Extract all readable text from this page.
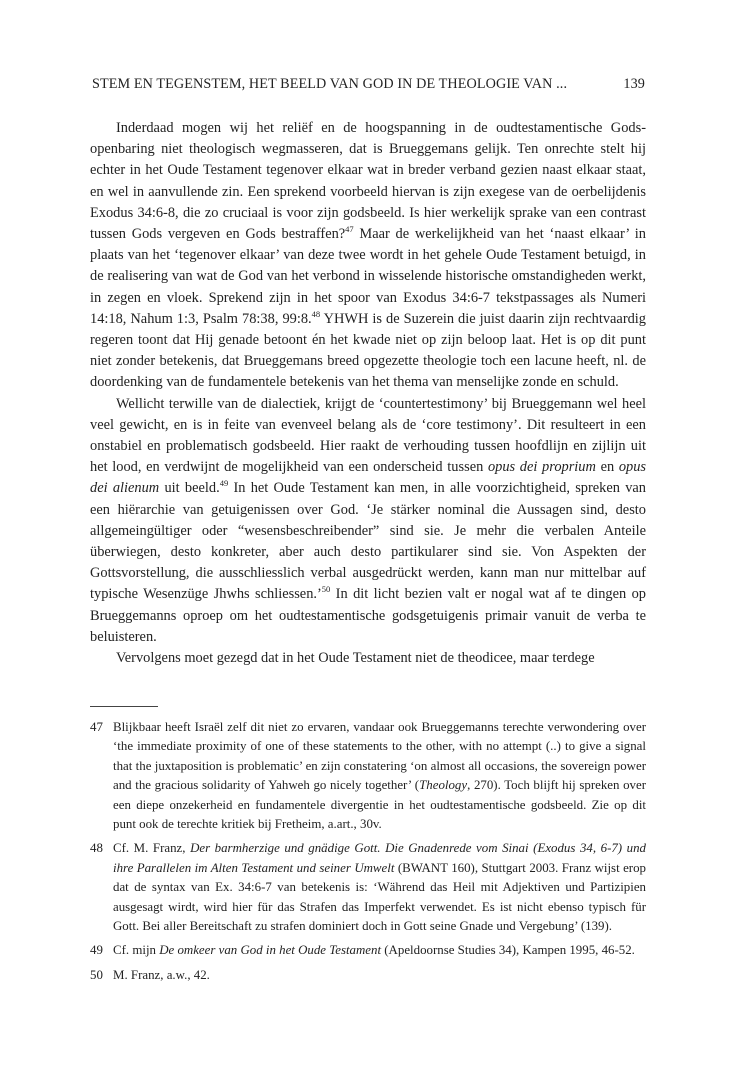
STEM EN TEGENSTEM, HET BEELD VAN GOD IN DE THEOLOGIE VAN ...	139

Inderdaad mogen wij het reliëf en de hoogspanning in de oudtestamentische Godsopenbaring niet theologisch wegmasseren, dat is Brueggemans gelijk. Ten onrechte stelt hij echter in het Oude Testament tegenover elkaar wat in breder verband gezien naast elkaar staat, en wel in aanvullende zin. Een sprekend voorbeeld hiervan is zijn exegese van de oerbelijdenis Exodus 34:6-8, die zo cruciaal is voor zijn godsbeeld. Is hier werkelijk sprake van een contrast tussen Gods vergeven en Gods bestraffen?$^{47}$ Maar de werkelijkheid van het ‘naast elkaar’ in plaats van het ‘tegenover elkaar’ van deze twee wordt in het gehele Oude Testament betuigd, in de realisering van wat de God van het verbond in wisselende historische omstandigheden werkt, in zegen en vloek. Sprekend zijn in het spoor van Exodus 34:6-7 tekstpassages als Numeri 14:18, Nahum 1:3, Psalm 78:38, 99:8.48 YHWH is de Suzerein die juist daarin zijn rechtvaardig regeren toont dat Hij genade betoont én het kwade niet op zijn beloop laat. Het is op dit punt niet zonder betekenis, dat Brueggemans breed opgezette theologie toch een lacune heeft, nl. de doordenking van de fundamentele betekenis van het thema van menselijke zonde en schuld.

Wellicht terwille van de dialectiek, krijgt de ‘countertestimony’ bij Brueggemann wel heel veel gewicht, en is in feite van evenveel belang als de ‘core testimony’. Dit resulteert in een onstabiel en problematisch godsbeeld. Hier raakt de verhouding tussen hoofdlijn en zijlijn uit het lood, en verdwijnt de mogelijkheid van een onderscheid tussen opus dei proprium en opus dei alienum uit beeld.$^{49}$ In het Oude Testament kan men, in alle voorzichtigheid, spreken van een hiërarchie van getuigenissen over God. ‘Je stärker nominal die Aussagen sind, desto allgemeingültiger oder “wesensbeschreibender” sind sie. Je mehr die verbalen Anteile überwiegen, desto konkreter, aber auch desto partikularer sind sie. Von Aspekten der Gottsvorstellung, die ausschliesslich verbal ausgedrückt werden, kann man nur mittelbar auf typische Wesenzüge Jhwhs schliessen.’$^{50}$ In dit licht bezien valt er nogal wat af te dingen op Brueggemanns oproep om het oudtestamentische godsgetuigenis primair vanuit de verba te beluisteren.

Vervolgens moet gezegd dat in het Oude Testament niet de theodicee, maar terdege

47 Blijkbaar heeft Israël zelf dit niet zo ervaren, vandaar ook Brueggemanns terechte verwondering over ‘the immediate proximity of one of these statements to the other, with no attempt (..) to give a signal that the juxtaposition is problematic’ en zijn constatering ‘on almost all occasions, the sovereign power and the gracious solidarity of Yahweh go nicely together’ (Theology, 270). Toch blijft hij spreken over een diepe onzekerheid en fundamentele divergentie in het oudtestamentische godsbeeld. Zie op dit punt ook de terechte kritiek bij Fretheim, a.art., 30v.
48 Cf. M. Franz, Der barmherzige und gnädige Gott. Die Gnadenrede vom Sinai (Exodus 34, 6-7) und ihre Parallelen im Alten Testament und seiner Umwelt (BWANT 160), Stuttgart 2003. Franz wijst erop dat de syntax van Ex. 34:6-7 van betekenis is: ‘Während das Heil mit Adjektiven und Partizipien ausgesagt wirdt, wird hier für das Strafen das Imperfekt verwendet. Es ist nicht ebenso typisch für Gott. Bei aller Bereitschaft zu strafen dominiert doch in Gott seine Gnade und Vergebung’ (139).
49 Cf. mijn De omkeer van God in het Oude Testament (Apeldoornse Studies 34), Kampen 1995, 46-52.
50 M. Franz, a.w., 42.
